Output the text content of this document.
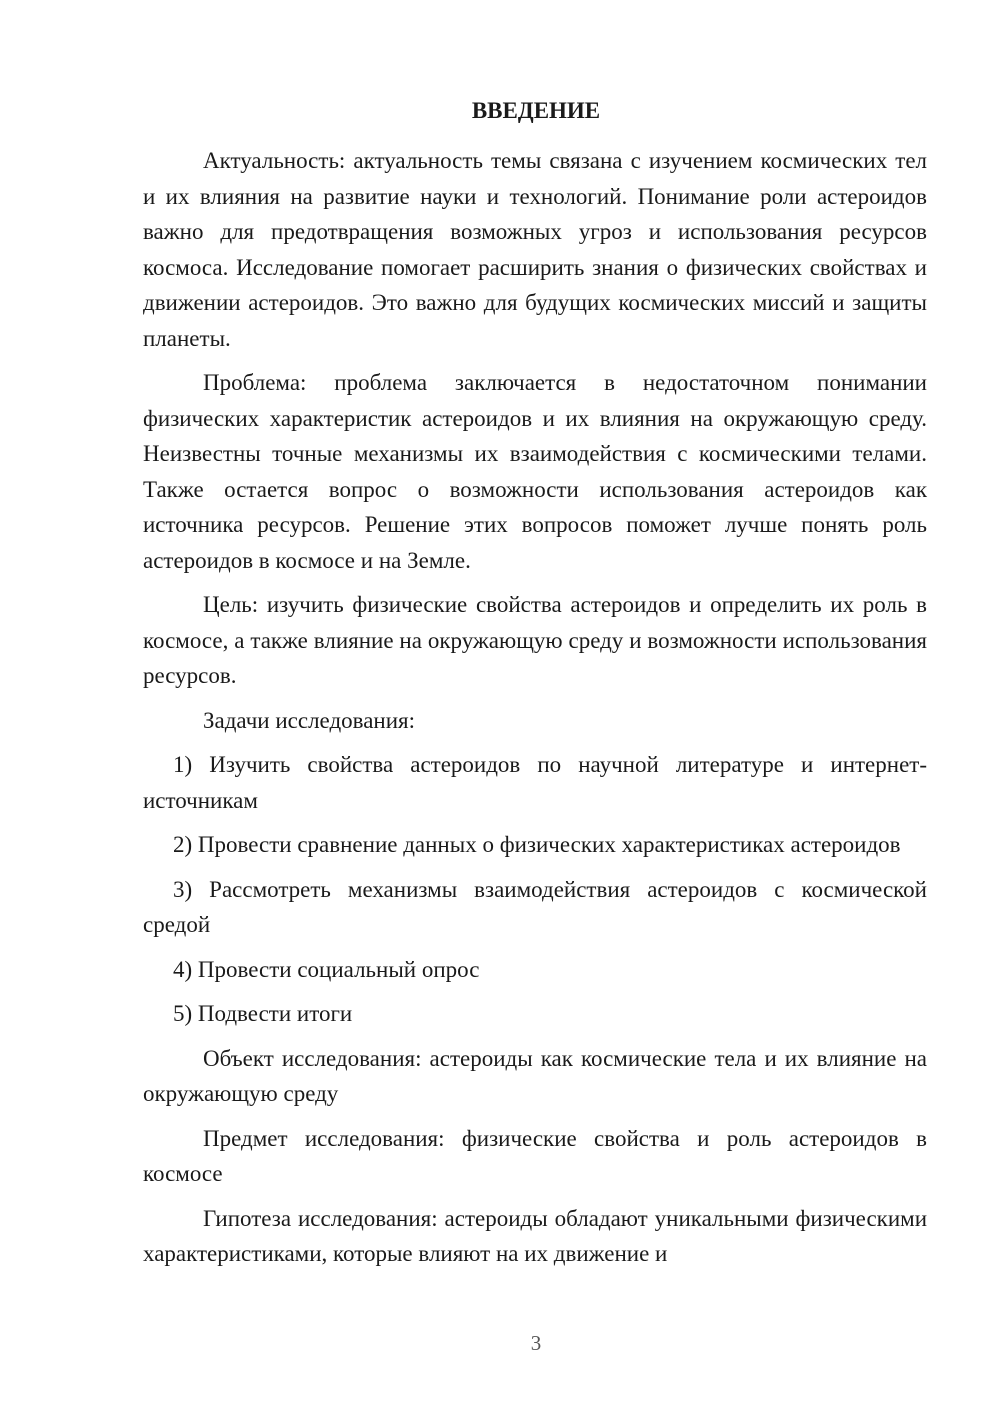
ВВЕДЕНИЕ

Актуальность: актуальность темы связана с изучением космических тел и их влияния на развитие науки и технологий. Понимание роли астероидов важно для предотвращения возможных угроз и использования ресурсов космоса. Исследование помогает расширить знания о физических свойствах и движении астероидов. Это важно для будущих космических миссий и защиты планеты.

Проблема: проблема заключается в недостаточном понимании физических характеристик астероидов и их влияния на окружающую среду. Неизвестны точные механизмы их взаимодействия с космическими телами. Также остается вопрос о возможности использования астероидов как источника ресурсов. Решение этих вопросов поможет лучше понять роль астероидов в космосе и на Земле.

Цель: изучить физические свойства астероидов и определить их роль в космосе, а также влияние на окружающую среду и возможности использования ресурсов.

Задачи исследования:

1) Изучить свойства астероидов по научной литературе и интернет-источникам

2) Провести сравнение данных о физических характеристиках астероидов

3) Рассмотреть механизмы взаимодействия астероидов с космической средой

4) Провести социальный опрос

5) Подвести итоги

Объект исследования: астероиды как космические тела и их влияние на окружающую среду

Предмет исследования: физические свойства и роль астероидов в космосе

Гипотеза исследования: астероиды обладают уникальными физическими характеристиками, которые влияют на их движение и

3
